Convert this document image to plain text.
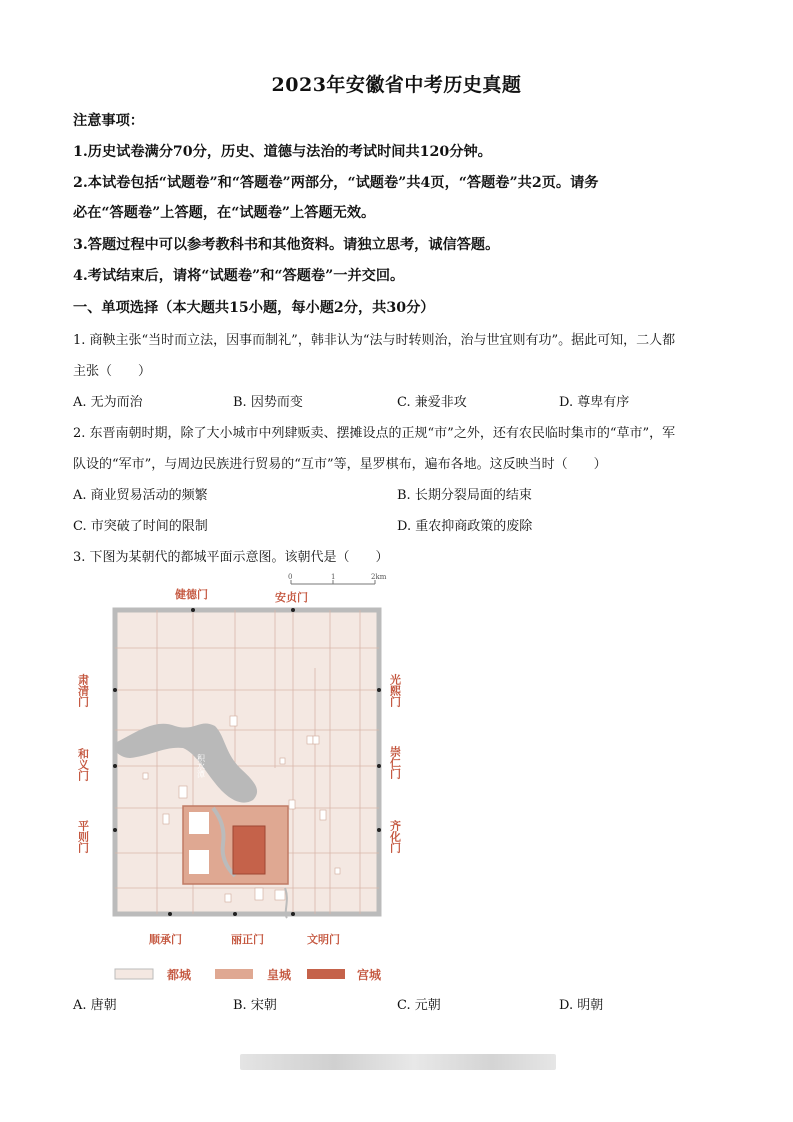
2023年安徽省中考历史真题
注意事项：
1.历史试卷满分70分，历史、道德与法治的考试时间共120分钟。
2.本试卷包括“试题卷”和“答题卷”两部分，“试题卷”共4页，“答题卷”共2页。请务
必在“答题卷”上答题，在“试题卷”上答题无效。
3.答题过程中可以参考教科书和其他资料。请独立思考，诚信答题。
4.考试结束后，请将“试题卷”和“答题卷”一并交回。
一、单项选择（本大题共15小题，每小题2分，共30分）
1. 商鞅主张“当时而立法，因事而制礼”，韩非认为“法与时转则治，治与世宜则有功”。据此可知，二人都
主张（　　）
A. 无为而治	B. 因势而变	C. 兼爱非攻	D. 尊卑有序
2. 东晋南朝时期，除了大小城市中列肆贩卖、摆摊设点的正规“市”之外，还有农民临时集市的“草市”，军
队设的“军市”，与周边民族进行贸易的“互市”等，星罗棋布，遍布各地。这反映当时（　　）
A. 商业贸易活动的频繁	B. 长期分裂局面的结束
C. 市突破了时间的限制	D. 重农抑商政策的废除
3. 下图为某朝代的都城平面示意图。该朝代是（　　）
0	1	2km
积水潭
健德门	安贞门
肃清门
和义门
平则门
光熙门
崇仁门
齐化门
顺承门	丽正门	文明门
都城	皇城	宫城
A. 唐朝	B. 宋朝	C. 元朝	D. 明朝
